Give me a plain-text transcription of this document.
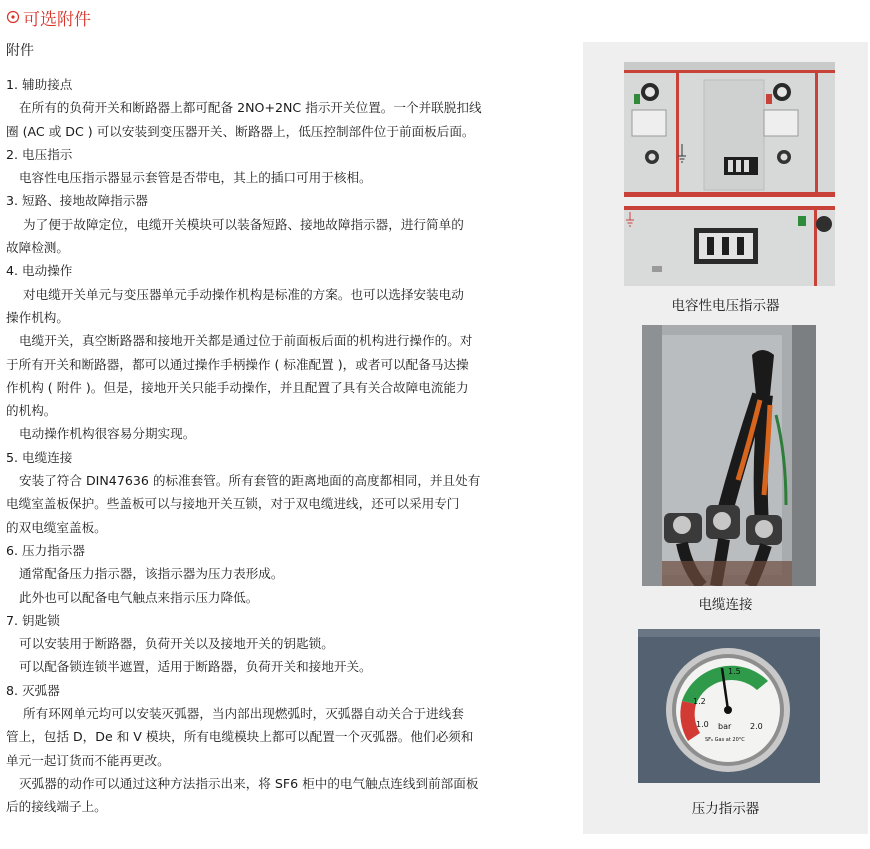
可选附件
附件

1. 辅助接点

在所有的负荷开关和断路器上都可配备 2NO+2NC 指示开关位置。一个并联脱扣线

圈 (AC 或 DC ) 可以安装到变压器开关、断路器上，低压控制部件位于前面板后面。

2. 电压指示

电容性电压指示器显示套管是否带电，其上的插口可用于核相。

3. 短路、接地故障指示器

为了便于故障定位，电缆开关模块可以装备短路、接地故障指示器，进行简单的

故障检测。

4. 电动操作

对电缆开关单元与变压器单元手动操作机构是标准的方案。也可以选择安装电动

操作机构。

电缆开关，真空断路器和接地开关都是通过位于前面板后面的机构进行操作的。对

于所有开关和断路器，都可以通过操作手柄操作 ( 标准配置 )，或者可以配备马达操

作机构 ( 附件 )。但是，接地开关只能手动操作，并且配置了具有关合故障电流能力

的机构。

电动操作机构很容易分期实现。

5. 电缆连接

安装了符合 DIN47636 的标准套管。所有套管的距离地面的高度都相同，并且处有

电缆室盖板保护。些盖板可以与接地开关互锁，对于双电缆进线，还可以采用专门

的双电缆室盖板。

6. 压力指示器

通常配备压力指示器，该指示器为压力表形成。

此外也可以配备电气触点来指示压力降低。

7. 钥匙锁

可以安装用于断路器，负荷开关以及接地开关的钥匙锁。

可以配备锁连锁半遮置，适用于断路器，负荷开关和接地开关。

8. 灭弧器

所有环网单元均可以安装灭弧器，当内部出现燃弧时，灭弧器自动关合于进线套

管上，包括 D，De 和 V 模块，所有电缆模块上都可以配置一个灭弧器。他们必须和

单元一起订货而不能再更改。

灭弧器的动作可以通过这种方法指示出来，将 SF6 柜中的电气触点连线到前部面板

后的接线端子上。

电容性电压指示器
电缆连接
1.5
1.2
1.0	2.0
bar
SF₆ Gas at 20°C
压力指示器
